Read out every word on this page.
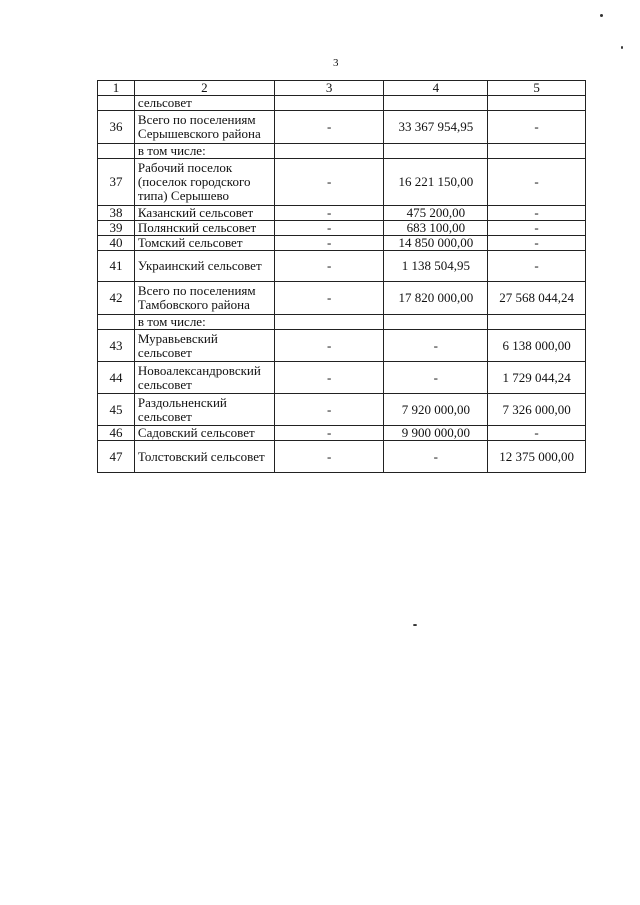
3
1	2	3	4	5
	сельсовет			
36	Всего по поселениям Серышевского района	-	33 367 954,95	-
	в том числе:			
37	Рабочий поселок (поселок городского типа) Серышево	-	16 221 150,00	-
38	Казанский сельсовет	-	475 200,00	-
39	Полянский сельсовет	-	683 100,00	-
40	Томский сельсовет	-	14 850 000,00	-
41	Украинский сельсовет	-	1 138 504,95	-
42	Всего по поселениям Тамбовского района	-	17 820 000,00	27 568 044,24
	в том числе:			
43	Муравьевский сельсовет	-	-	6 138 000,00
44	Новоалександровский сельсовет	-	-	1 729 044,24
45	Раздольненский сельсовет	-	7 920 000,00	7 326 000,00
46	Садовский сельсовет	-	9 900 000,00	-
47	Толстовский сельсовет	-	-	12 375 000,00
